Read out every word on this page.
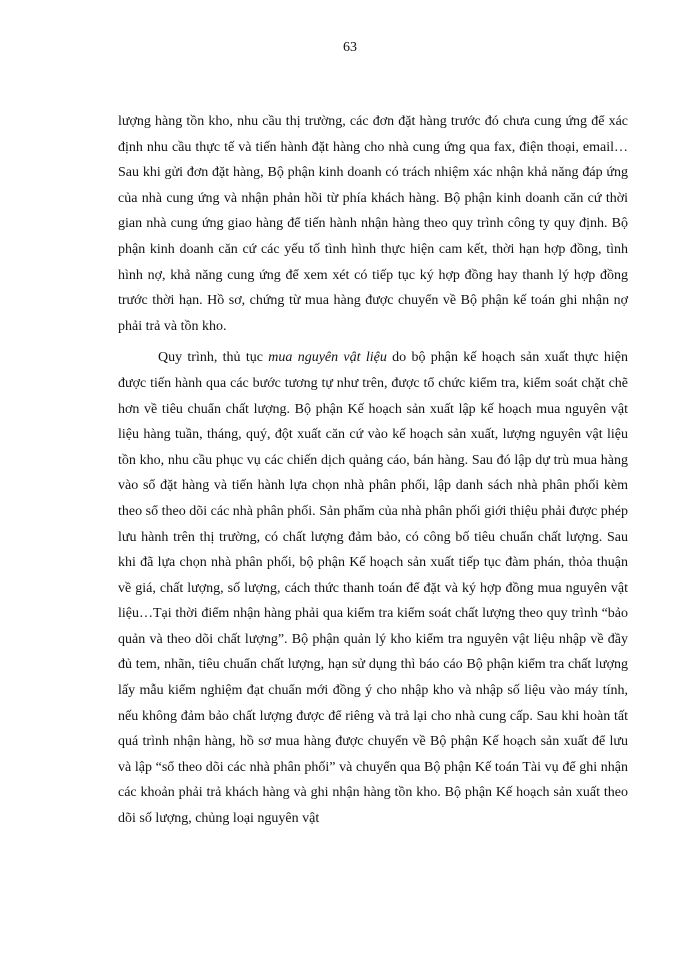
63

lượng hàng tồn kho, nhu cầu thị trường, các đơn đặt hàng trước đó chưa cung ứng để xác định nhu cầu thực tế và tiến hành đặt hàng cho nhà cung ứng qua fax, điện thoại, email…Sau khi gửi đơn đặt hàng, Bộ phận kinh doanh có trách nhiệm xác nhận khả năng đáp ứng của nhà cung ứng và nhận phản hồi từ phía khách hàng. Bộ phận kinh doanh căn cứ thời gian nhà cung ứng giao hàng để tiến hành nhận hàng theo quy trình công ty quy định. Bộ phận kinh doanh căn cứ các yếu tố tình hình thực hiện cam kết, thời hạn hợp đồng, tình hình nợ, khả năng cung ứng để xem xét có tiếp tục ký hợp đồng hay thanh lý hợp đồng trước thời hạn. Hồ sơ, chứng từ mua hàng được chuyển về Bộ phận kế toán ghi nhận nợ phải trả và tồn kho.

Quy trình, thủ tục mua nguyên vật liệu do bộ phận kế hoạch sản xuất thực hiện được tiến hành qua các bước tương tự như trên, được tổ chức kiểm tra, kiểm soát chặt chẽ hơn về tiêu chuẩn chất lượng. Bộ phận Kế hoạch sản xuất lập kế hoạch mua nguyên vật liệu hàng tuần, tháng, quý, đột xuất căn cứ vào kế hoạch sản xuất, lượng nguyên vật liệu tồn kho, nhu cầu phục vụ các chiến dịch quảng cáo, bán hàng. Sau đó lập dự trù mua hàng vào sổ đặt hàng và tiến hành lựa chọn nhà phân phối, lập danh sách nhà phân phối kèm theo sổ theo dõi các nhà phân phối. Sản phẩm của nhà phân phối giới thiệu phải được phép lưu hành trên thị trường, có chất lượng đảm bảo, có công bố tiêu chuẩn chất lượng. Sau khi đã lựa chọn nhà phân phối, bộ phận Kế hoạch sản xuất tiếp tục đàm phán, thỏa thuận về giá, chất lượng, số lượng, cách thức thanh toán để đặt và ký hợp đồng mua nguyên vật liệu…Tại thời điểm nhận hàng phải qua kiểm tra kiểm soát chất lượng theo quy trình “bảo quản và theo dõi chất lượng”. Bộ phận quản lý kho kiểm tra nguyên vật liệu nhập về đầy đủ tem, nhãn, tiêu chuẩn chất lượng, hạn sử dụng thì báo cáo Bộ phận kiểm tra chất lượng lấy mẫu kiểm nghiệm đạt chuẩn mới đồng ý cho nhập kho và nhập số liệu vào máy tính, nếu không đảm bảo chất lượng được để riêng và trả lại cho nhà cung cấp. Sau khi hoàn tất quá trình nhận hàng, hồ sơ mua hàng được chuyển về Bộ phận Kế hoạch sản xuất để lưu và lập “sổ theo dõi các nhà phân phối” và chuyển qua Bộ phận Kế toán Tài vụ để ghi nhận các khoản phải trả khách hàng và ghi nhận hàng tồn kho. Bộ phận Kế hoạch sản xuất theo dõi số lượng, chủng loại nguyên vật
